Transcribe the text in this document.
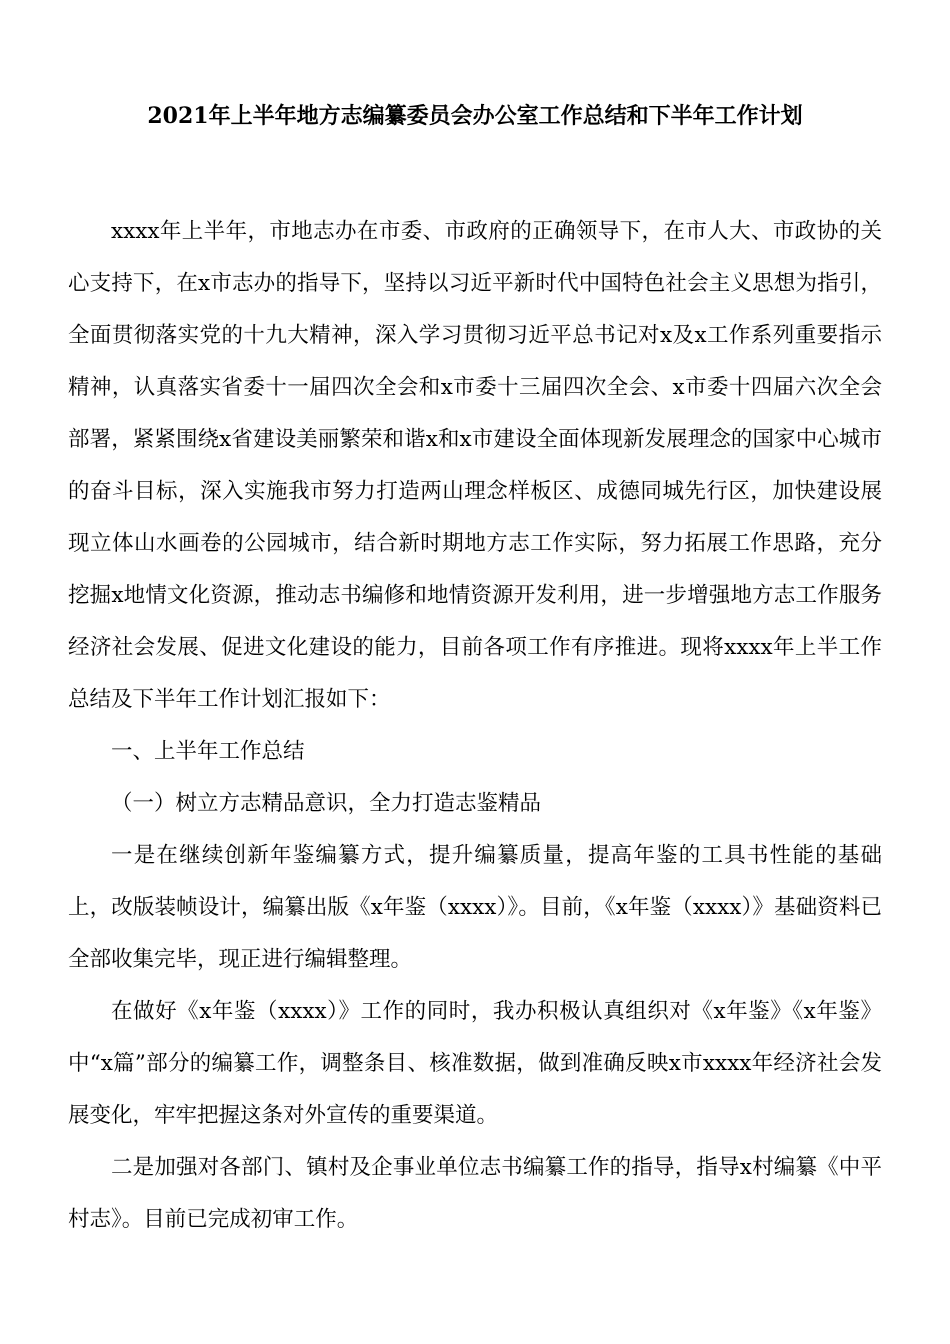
2021年上半年地方志编纂委员会办公室工作总结和下半年工作计划

xxxx年上半年，市地志办在市委、市政府的正确领导下，在市人大、市政协的关心支持下，在x市志办的指导下，坚持以习近平新时代中国特色社会主义思想为指引，全面贯彻落实党的十九大精神，深入学习贯彻习近平总书记对x及x工作系列重要指示精神，认真落实省委十一届四次全会和x市委十三届四次全会、x市委十四届六次全会部署，紧紧围绕x省建设美丽繁荣和谐x和x市建设全面体现新发展理念的国家中心城市的奋斗目标，深入实施我市努力打造两山理念样板区、成德同城先行区，加快建设展现立体山水画卷的公园城市，结合新时期地方志工作实际，努力拓展工作思路，充分挖掘x地情文化资源，推动志书编修和地情资源开发利用，进一步增强地方志工作服务经济社会发展、促进文化建设的能力，目前各项工作有序推进。现将xxxx年上半工作总结及下半年工作计划汇报如下：

一、上半年工作总结

（一）树立方志精品意识，全力打造志鉴精品

一是在继续创新年鉴编纂方式，提升编纂质量，提高年鉴的工具书性能的基础上，改版装帧设计，编纂出版《x年鉴（xxxx）》。目前，《x年鉴（xxxx）》基础资料已全部收集完毕，现正进行编辑整理。

在做好《x年鉴（xxxx）》工作的同时，我办积极认真组织对《x年鉴》《x年鉴》中“x篇”部分的编纂工作，调整条目、核准数据，做到准确反映x市xxxx年经济社会发展变化，牢牢把握这条对外宣传的重要渠道。

二是加强对各部门、镇村及企事业单位志书编纂工作的指导，指导x村编纂《中平村志》。目前已完成初审工作。
